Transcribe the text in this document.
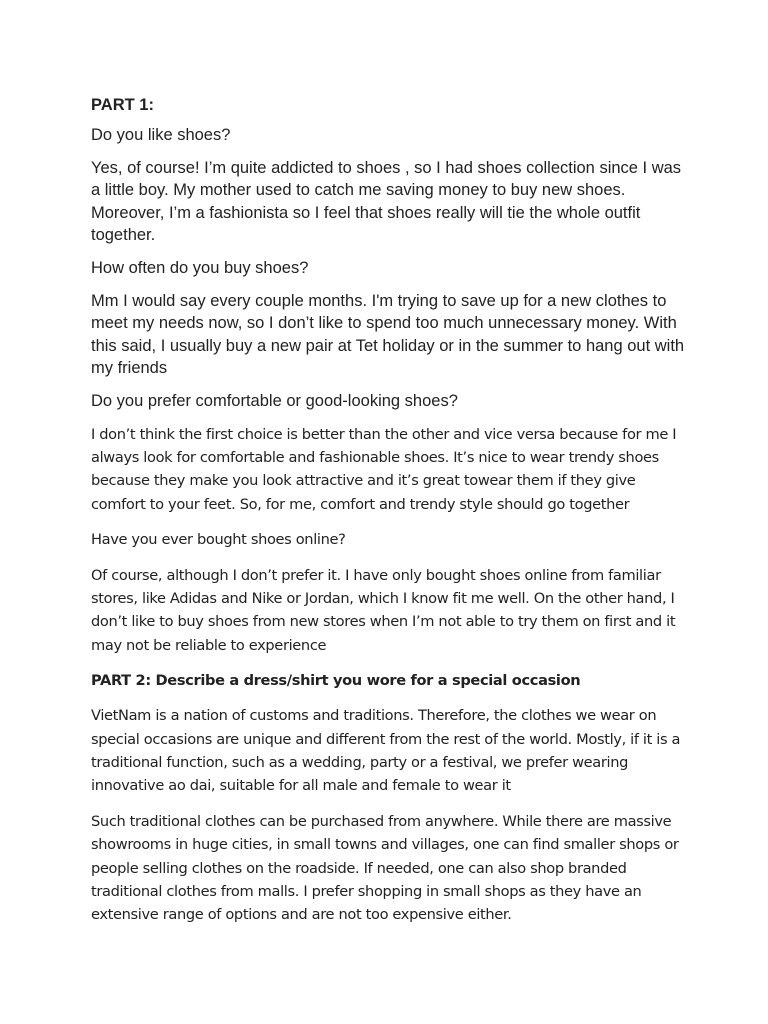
PART 1:

Do you like shoes?

Yes, of course! I’m quite addicted to shoes , so I had shoes collection since I was a little boy. My mother used to catch me saving money to buy new shoes. Moreover, I’m a fashionista so I feel that shoes really will tie the whole outfit together.

How often do you buy shoes?

Mm I would say every couple months. I'm trying to save up for a new clothes to meet my needs now, so I don’t like to spend too much unnecessary money. With this said, I usually buy a new pair at Tet holiday or in the summer to hang out with my friends

Do you prefer comfortable or good-looking shoes?

I don’t think the first choice is better than the other and vice versa because for me I always look for comfortable and fashionable shoes. It’s nice to wear trendy shoes because they make you look attractive and it’s great towear them if they give comfort to your feet. So, for me, comfort and trendy style should go together

Have you ever bought shoes online?

Of course, although I don’t prefer it. I have only bought shoes online from familiar stores, like Adidas and Nike or Jordan, which I know fit me well. On the other hand, I don’t like to buy shoes from new stores when I’m not able to try them on first and it may not be reliable to experience

PART 2: Describe a dress/shirt you wore for a special occasion

VietNam is a nation of customs and traditions. Therefore, the clothes we wear on special occasions are unique and different from the rest of the world. Mostly, if it is a traditional function, such as a wedding, party or a festival, we prefer wearing innovative ao dai, suitable for all male and female to wear it

Such traditional clothes can be purchased from anywhere. While there are massive showrooms in huge cities, in small towns and villages, one can find smaller shops or people selling clothes on the roadside. If needed, one can also shop branded traditional clothes from malls. I prefer shopping in small shops as they have an extensive range of options and are not too expensive either.
